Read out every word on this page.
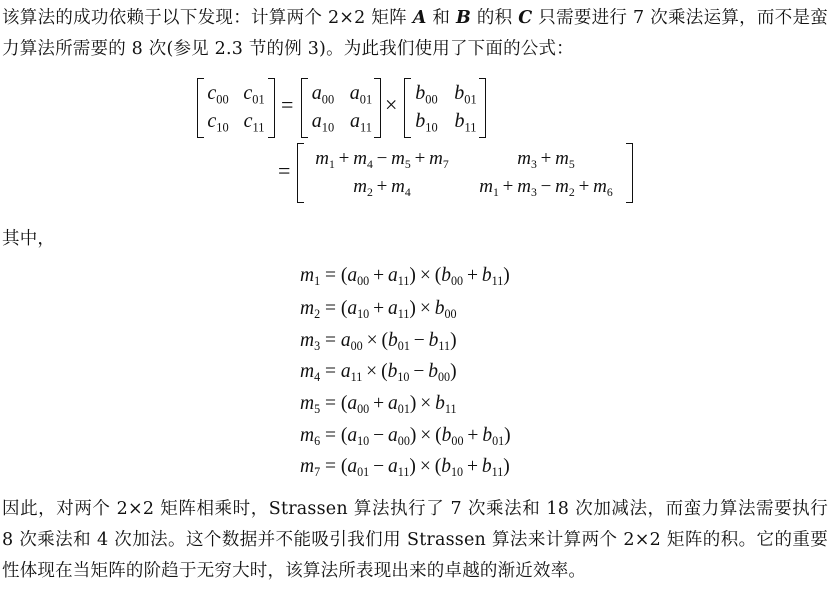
该算法的成功依赖于以下发现：计算两个 2×2 矩阵 A 和 B 的积 C 只需要进行 7 次乘法运算，而不是蛮力算法所需要的 8 次(参见 2.3 节的例 3)。为此我们使用了下面的公式：
$c_{00}$ $c_{01}$
$c_{10}$ $c_{11}$
= $a_{00}$ $a_{01}$
$a_{10}$ $a_{11}$
× $b_{00}$ $b_{01}$
$b_{10}$ $b_{11}$
=	$m_1 + m_4 - m_5 + m_7$	$m_3 + m_5$
$m_2 + m_4$	$m_1 + m_3 - m_2 + m_6$
其中，
$m_1 = (a_{00} + a_{11}) \times (b_{00} + b_{11})$
$m_2 = (a_{10} + a_{11}) \times b_{00}$
$m_3 = a_{00} \times (b_{01} - b_{11})$
$m_4 = a_{11} \times (b_{10} - b_{00})$
$m_5 = (a_{00} + a_{01}) \times b_{11}$
$m_6 = (a_{10} - a_{00}) \times (b_{00} + b_{01})$
$m_7 = (a_{01} - a_{11}) \times (b_{10} + b_{11})$
因此，对两个 2×2 矩阵相乘时，Strassen 算法执行了 7 次乘法和 18 次加减法，而蛮力算法需要执行 8 次乘法和 4 次加法。这个数据并不能吸引我们用 Strassen 算法来计算两个 2×2 矩阵的积。它的重要性体现在当矩阵的阶趋于无穷大时，该算法所表现出来的卓越的渐近效率。
